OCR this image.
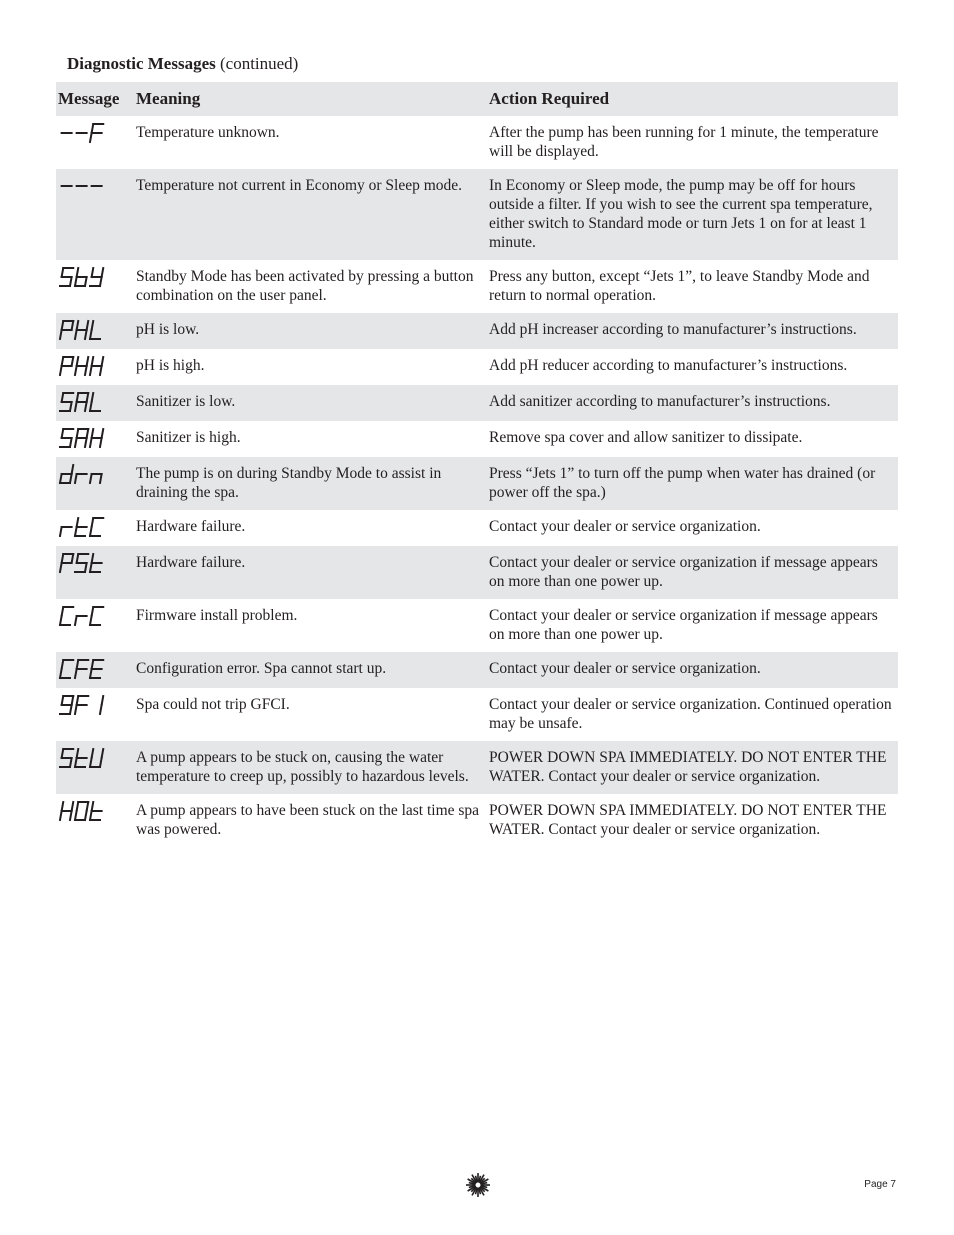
Diagnostic Messages (continued)
Message	Meaning	Action Required

	Temperature unknown.	After the pump has been running for 1 minute, the temperature will be displayed.

	Temperature not current in Economy or Sleep mode.	In Economy or Sleep mode, the pump may be off for hours outside a filter. If you wish to see the current spa temperature, either switch to Standard mode or turn Jets 1 on for at least 1 minute.

	Standby Mode has been activated by pressing a button combination on the user panel.	Press any button, except “Jets 1”, to leave Standby Mode and return to normal operation.

	pH is low.	Add pH increaser according to manufacturer’s instructions.

	pH is high.	Add pH reducer according to manufacturer’s instructions.

	Sanitizer is low.	Add sanitizer according to manufacturer’s instructions.

	Sanitizer is high.	Remove spa cover and allow sanitizer to dissipate.

	The pump is on during Standby Mode to assist in draining the spa.	Press “Jets 1” to turn off the pump when water has drained (or power off the spa.)

	Hardware failure.	Contact your dealer or service organization.

	Hardware failure.	Contact your dealer or service organization if message appears on more than one power up.

	Firmware install problem.	Contact your dealer or service organization if message appears on more than one power up.

	Configuration error. Spa cannot start up.	Contact your dealer or service organization.

	Spa could not trip GFCI.	Contact your dealer or service organization. Continued operation may be unsafe.

	A pump appears to be stuck on, causing the water temperature to creep up, possibly to hazardous levels.	POWER DOWN SPA IMMEDIATELY. DO NOT ENTER THE WATER. Contact your dealer or service organization.

	A pump appears to have been stuck on the last time spa was powered.	POWER DOWN SPA IMMEDIATELY. DO NOT ENTER THE WATER. Contact your dealer or service organization.
Page 7
